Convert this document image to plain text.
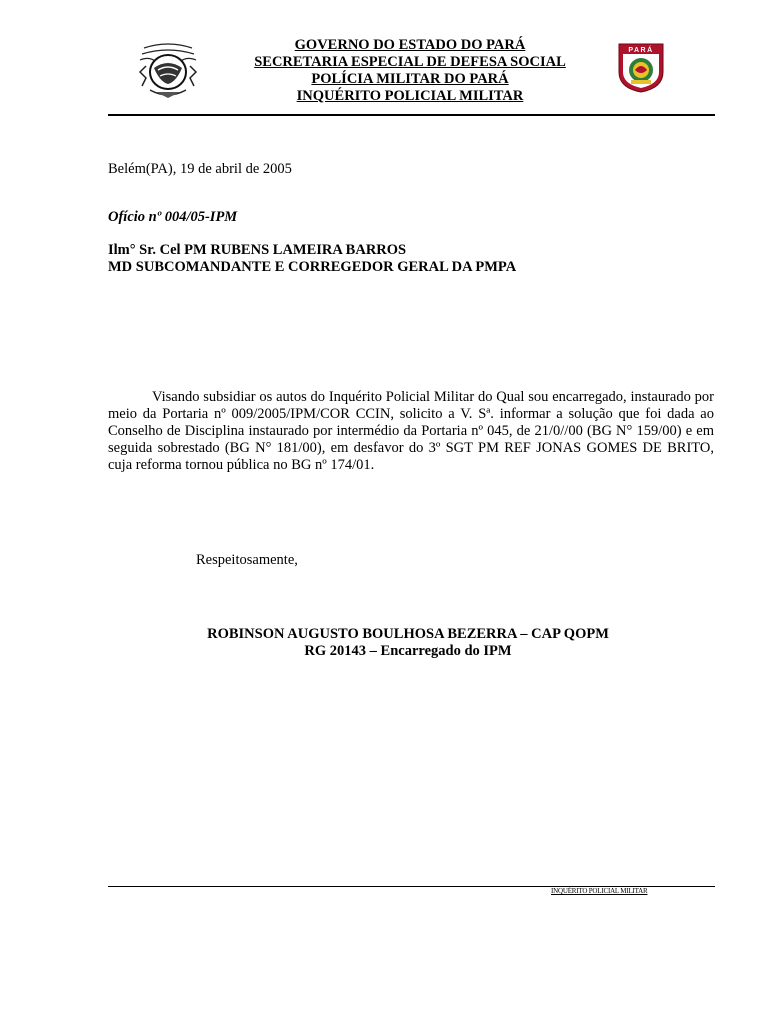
GOVERNO DO ESTADO DO PARÁ
SECRETARIA ESPECIAL DE DEFESA SOCIAL
POLÍCIA MILITAR DO PARÁ
INQUÉRITO POLICIAL MILITAR
PARÁ
Belém(PA), 19 de abril de 2005
Ofício nº 004/05-IPM
Ilm° Sr. Cel PM RUBENS LAMEIRA BARROS
MD SUBCOMANDANTE E CORREGEDOR GERAL DA PMPA
Visando subsidiar os autos do Inquérito Policial Militar do Qual sou encarregado, instaurado por meio da Portaria nº 009/2005/IPM/COR CCIN, solicito a V. Sª. informar a solução que foi dada ao Conselho de Disciplina instaurado por intermédio da Portaria nº 045, de 21/0//00 (BG N° 159/00) e em seguida sobrestado (BG N° 181/00), em desfavor do 3º SGT PM REF JONAS GOMES DE BRITO, cuja reforma tornou pública no BG nº 174/01.
Respeitosamente,
ROBINSON AUGUSTO BOULHOSA BEZERRA – CAP QOPM
RG 20143 – Encarregado do IPM
INQUÉRITO POLICIAL MILITAR
